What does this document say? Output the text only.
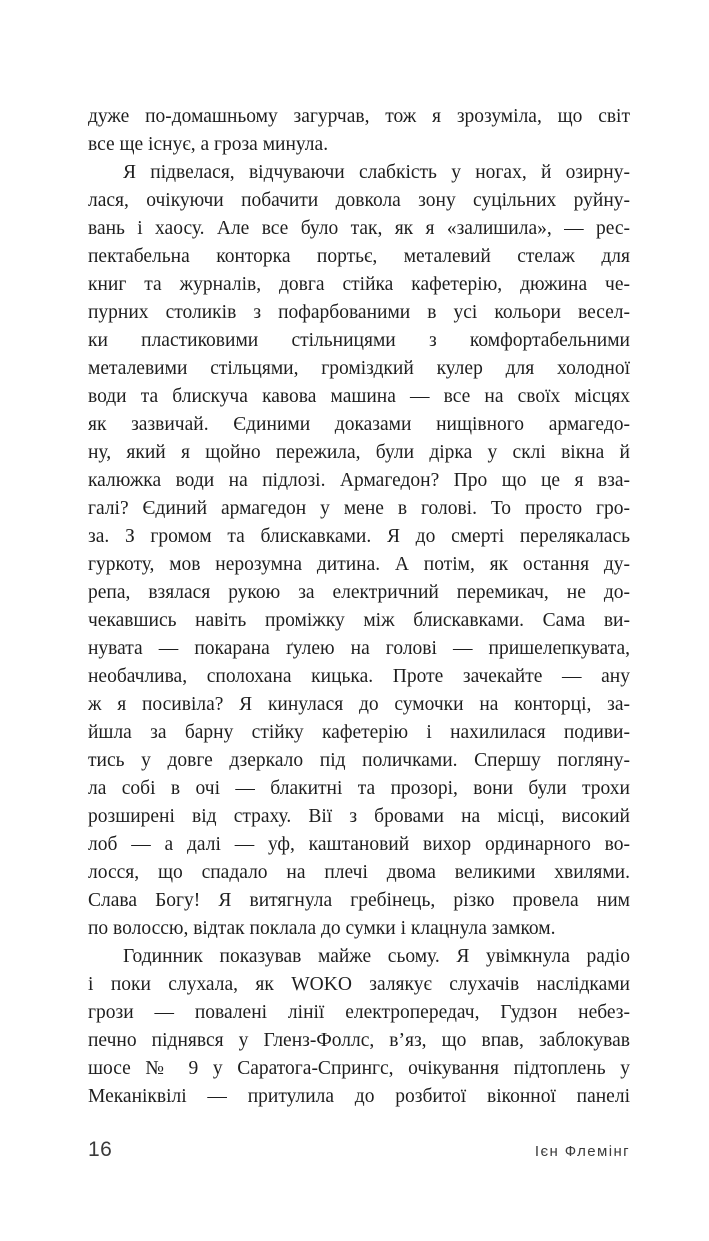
дуже по-домашньому загурчав, тож я зрозуміла, що світ
все ще існує, а гроза минула.
Я підвелася, відчуваючи слабкість у ногах, й озирну-
лася, очікуючи побачити довкола зону суцільних руйну-
вань і хаосу. Але все було так, як я «залишила», — рес-
пектабельна конторка портьє, металевий стелаж для
книг та журналів, довга стійка кафетерію, дюжина че-
пурних столиків з пофарбованими в усі кольори весел-
ки пластиковими стільницями з комфортабельними
металевими стільцями, громіздкий кулер для холодної
води та блискуча кавова машина — все на своїх місцях
як зазвичай. Єдиними доказами нищівного армагедо-
ну, який я щойно пережила, були дірка у склі вікна й
калюжка води на підлозі. Армагедон? Про що це я вза-
галі? Єдиний армагедон у мене в голові. То просто гро-
за. З громом та блискавками. Я до смерті перелякалась
гуркоту, мов нерозумна дитина. А потім, як остання ду-
репа, взялася рукою за електричний перемикач, не до-
чекавшись навіть проміжку між блискавками. Сама ви-
нувата — покарана ґулею на голові — пришелепкувата,
необачлива, сполохана кицька. Проте зачекайте — ану
ж я посивіла? Я кинулася до сумочки на конторці, за-
йшла за барну стійку кафетерію і нахилилася подиви-
тись у довге дзеркало під поличками. Спершу погляну-
ла собі в очі — блакитні та прозорі, вони були трохи
розширені від страху. Вії з бровами на місці, високий
лоб — а далі — уф, каштановий вихор ординарного во-
лосся, що спадало на плечі двома великими хвилями.
Слава Богу! Я витягнула гребінець, різко провела ним
по волоссю, відтак поклала до сумки і клацнула замком.
Годинник показував майже сьому. Я увімкнула радіо
і поки слухала, як WOKO залякує слухачів наслідками
грози — повалені лінії електропередач, Гудзон небез-
печно піднявся у Гленз-Фоллс, в’яз, що впав, заблокував
шосе № 9 у Саратога-Спрингс, очікування підтоплень у
Меканіквілі — притулила до розбитої віконної панелі
16	Ієн Флемінг
